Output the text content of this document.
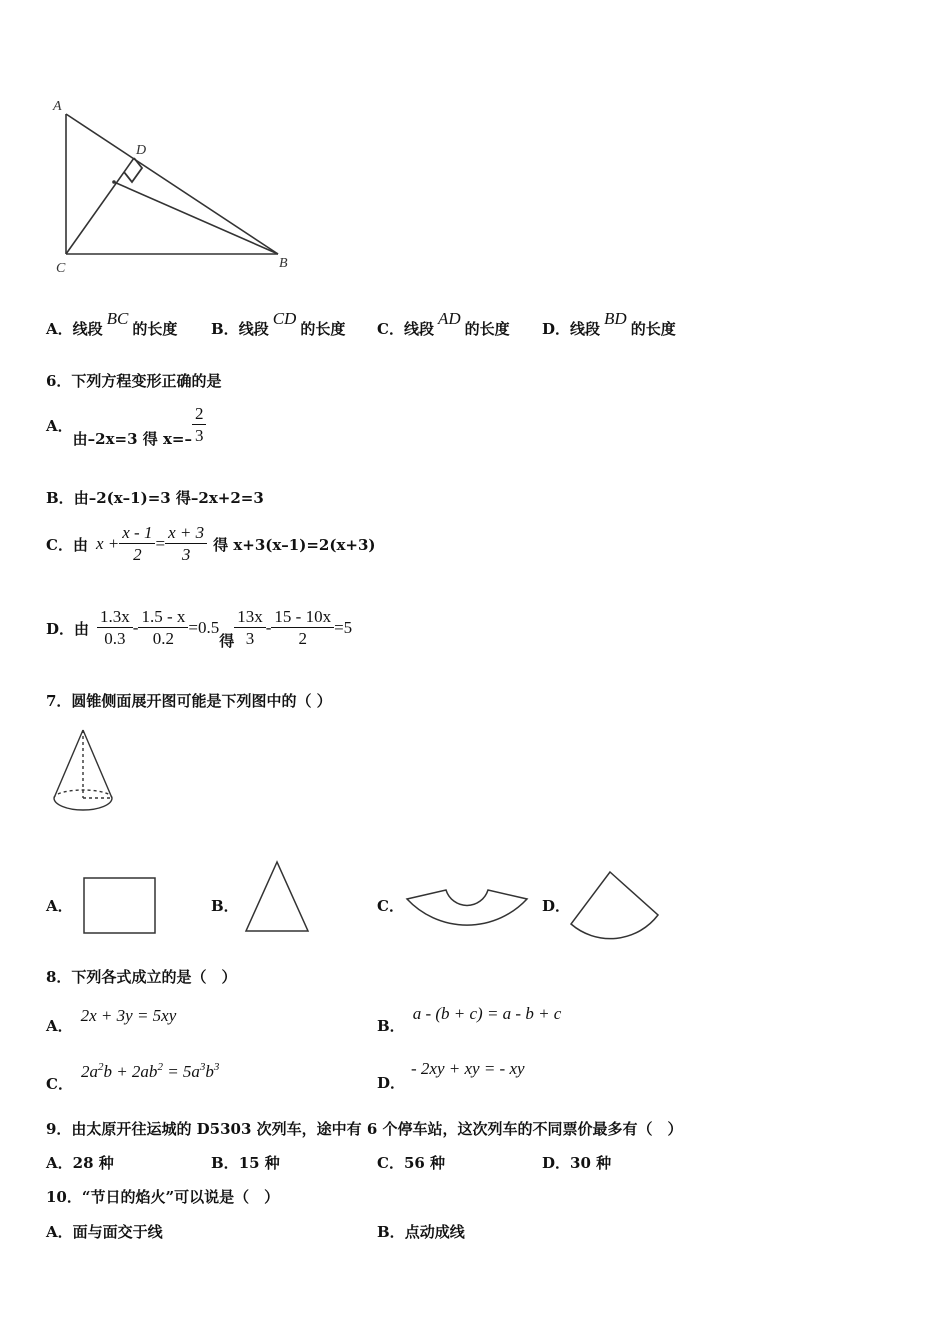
A
D
C	B
A．线段BC的长度 B．线段CD的长度 C．线段AD的长度 D．线段BD的长度
6．下列方程变形正确的是
A．
由–2x=3 得 $x=- \frac{2}{3}$
B．由–2(x–1)=3 得–2x+2=3
C． 由 $x + \frac{x - 1}{2} = \frac{x + 3}{3}$ 得 x+3(x–1)=2(x+3)
D． 由 $\frac{1.3x}{0.3} - \frac{1.5 - x}{0.2} =0.5$
得 $\frac{13x}{3} - \frac{15 - 10x}{2} =5$
7．圆锥侧面展开图可能是下列图中的（ ）
A．	B．	C．	D．
8．下列各式成立的是（　）
A．2x + 3y = 5xy
B．a - (b + c) = a - b + c
C．$2a^2b + 2ab^2 = 5a^3b^3$
D．- 2xy + xy = - xy
9．由太原开往运城的 D5303 次列车，途中有 6 个停车站，这次列车的不同票价最多有（　）
A．28 种	B．15 种	C．56 种	D．30 种
10．“节日的焰火”可以说是（　）
A．面与面交于线	B．点动成线
